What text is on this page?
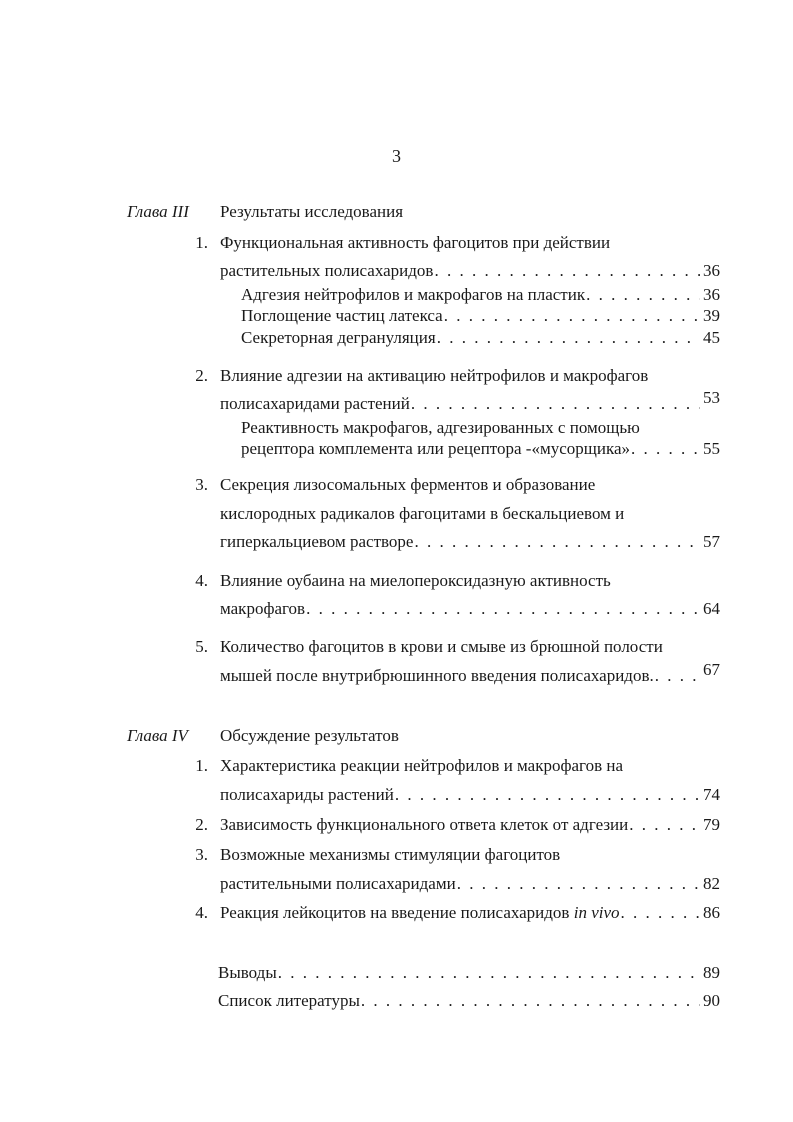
3
Глава III Результаты исследования
1. Функциональная активность фагоцитов при действии
растительных полисахаридов . . .	36
Адгезия нейтрофилов и макрофагов на пластик . . .	36
Поглощение частиц латекса . . .	39
Секреторная дегрануляция . . .	45
2. Влияние адгезии на активацию нейтрофилов и макрофагов
полисахаридами растений . . .	53
Реактивность макрофагов, адгезированных с помощью
рецептора комплемента или рецептора -«мусорщика» . . .	55
3. Секреция лизосомальных ферментов и образование
кислородных радикалов фагоцитами в бескальциевом и
гиперкальциевом растворе . . .	57
4. Влияние оубаина на миелопероксидазную активность
макрофагов . . .	64
5. Количество фагоцитов в крови и смыве из брюшной полости
мышей после внутрибрюшинного введения полисахаридов. . . .	67
Глава IV Обсуждение результатов
1. Характеристика реакции нейтрофилов и макрофагов на
полисахариды растений . . .	74
2. Зависимость функционального ответа клеток от адгезии . . .	79
3. Возможные механизмы стимуляции фагоцитов
растительными полисахаридами . . .	82
4. Реакция лейкоцитов на введение полисахаридов in vivo . . .	86
Выводы . . .	89
Список литературы . . .	90
